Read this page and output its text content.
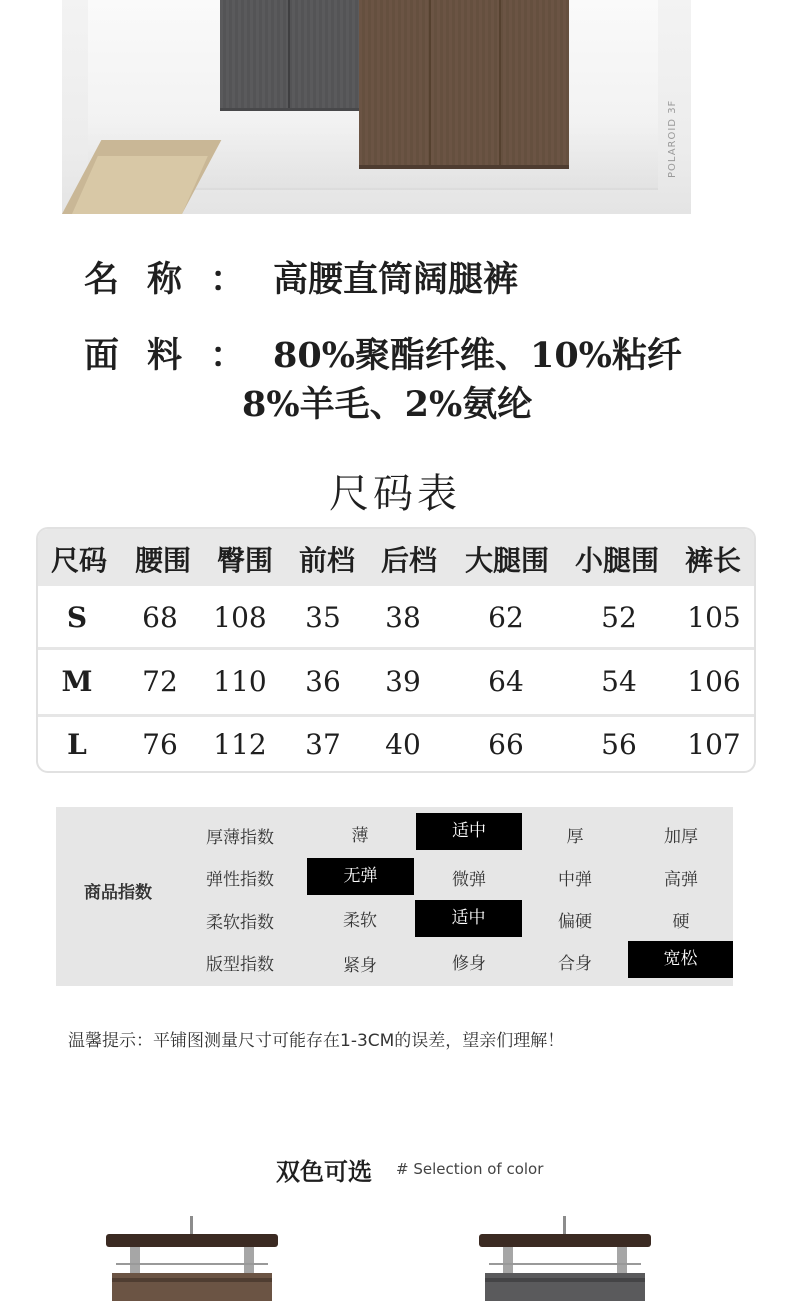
POLAROID 3F
名称：高腰直筒阔腿裤
面料：80%聚酯纤维、10%粘纤
8%羊毛、2%氨纶
尺码表
尺码 腰围 臀围 前档 后档 大腿围 小腿围 裤长
S	68	108	35	38	62	52	105
M	72	110	36	39	64	54	106
L	76	112	37	40	66	56	107
商品指数
厚薄指数	薄	适中	厚	加厚
弹性指数	无弹	微弹	中弹	高弹
柔软指数	柔软	适中	偏硬	硬
版型指数	紧身	修身	合身	宽松
温馨提示：平铺图测量尺寸可能存在1-3CM的误差，望亲们理解！
双色可选 # Selection of color
